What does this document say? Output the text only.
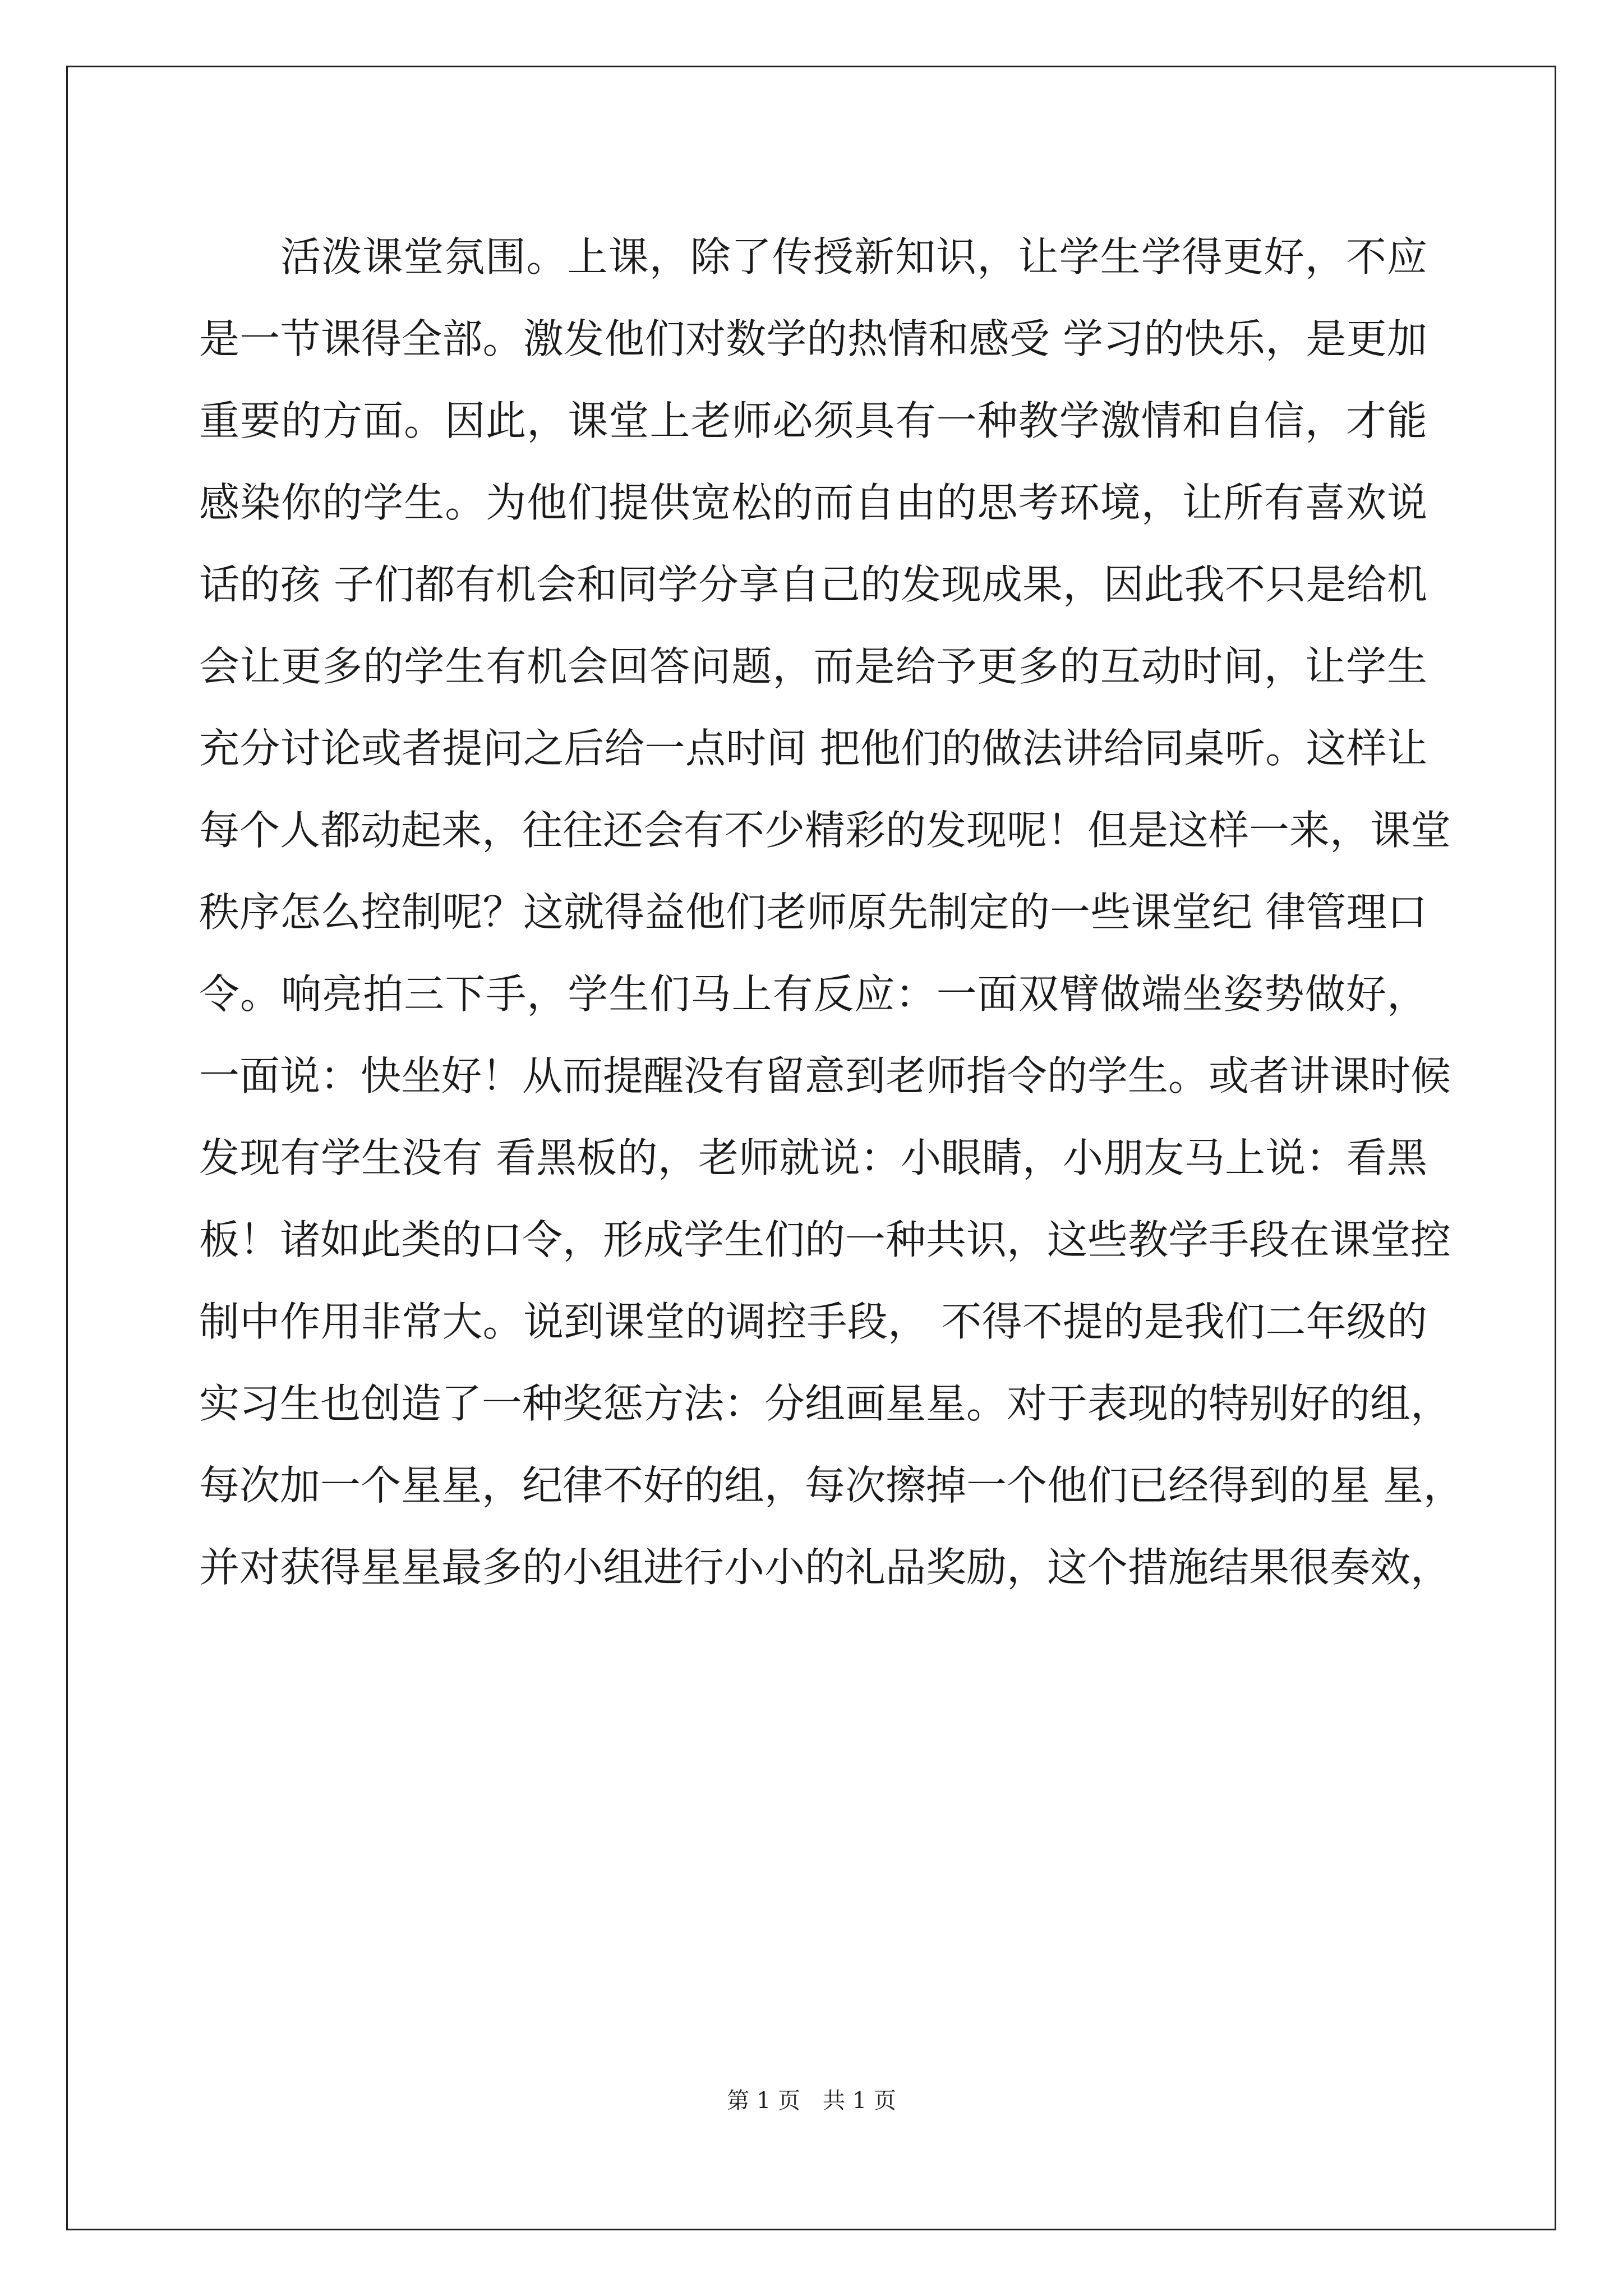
活泼课堂氛围。上课，除了传授新知识，让学生学得更好，不应
是一节课得全部。激发他们对数学的热情和感受 学习的快乐，是更加
重要的方面。因此，课堂上老师必须具有一种教学激情和自信，才能
感染你的学生。为他们提供宽松的而自由的思考环境，让所有喜欢说
话的孩 子们都有机会和同学分享自己的发现成果，因此我不只是给机
会让更多的学生有机会回答问题，而是给予更多的互动时间，让学生
充分讨论或者提问之后给一点时间 把他们的做法讲给同桌听。这样让
每个人都动起来，往往还会有不少精彩的发现呢！但是这样一来，课堂
秩序怎么控制呢？这就得益他们老师原先制定的一些课堂纪 律管理口
令。响亮拍三下手，学生们马上有反应：一面双臂做端坐姿势做好，
一面说：快坐好！从而提醒没有留意到老师指令的学生。或者讲课时候
发现有学生没有 看黑板的，老师就说：小眼睛，小朋友马上说：看黑
板！诸如此类的口令，形成学生们的一种共识，这些教学手段在课堂控
制中作用非常大。说到课堂的调控手段， 不得不提的是我们二年级的
实习生也创造了一种奖惩方法：分组画星星。对于表现的特别好的组，
每次加一个星星，纪律不好的组，每次擦掉一个他们已经得到的星 星，
并对获得星星最多的小组进行小小的礼品奖励，这个措施结果很奏效，
第 1 页 共 1 页
